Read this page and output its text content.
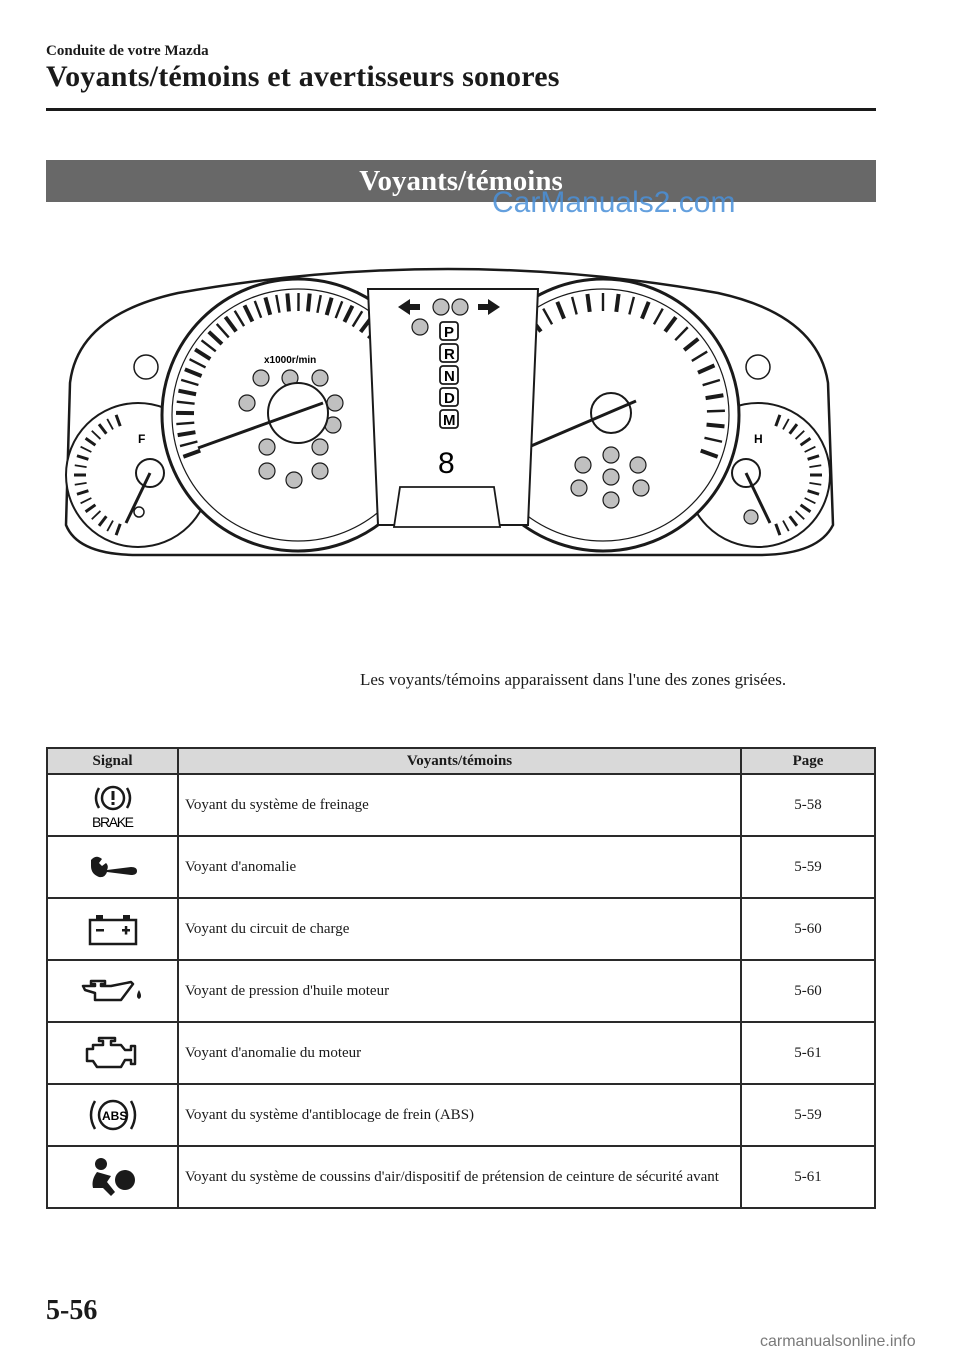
Conduite de votre Mazda
Voyants/témoins et avertisseurs sonores
Voyants/témoins
CarManuals2.com
F	H
x1000r/min
P
R
N
D
M
8
Les voyants/témoins apparaissent dans l'une des zones grisées.
Signal	Voyants/témoins	Page

BRAKE	Voyant du système de freinage	5-58

	Voyant d'anomalie	5-59

	Voyant du circuit de charge	5-60

	Voyant de pression d'huile moteur	5-60

	Voyant d'anomalie du moteur	5-61

ABS	Voyant du système d'antiblocage de frein (ABS)	5-59

	Voyant du système de coussins d'air/dispositif de prétension de ceinture de sécurité avant	5-61
5-56
carmanualsonline.info
